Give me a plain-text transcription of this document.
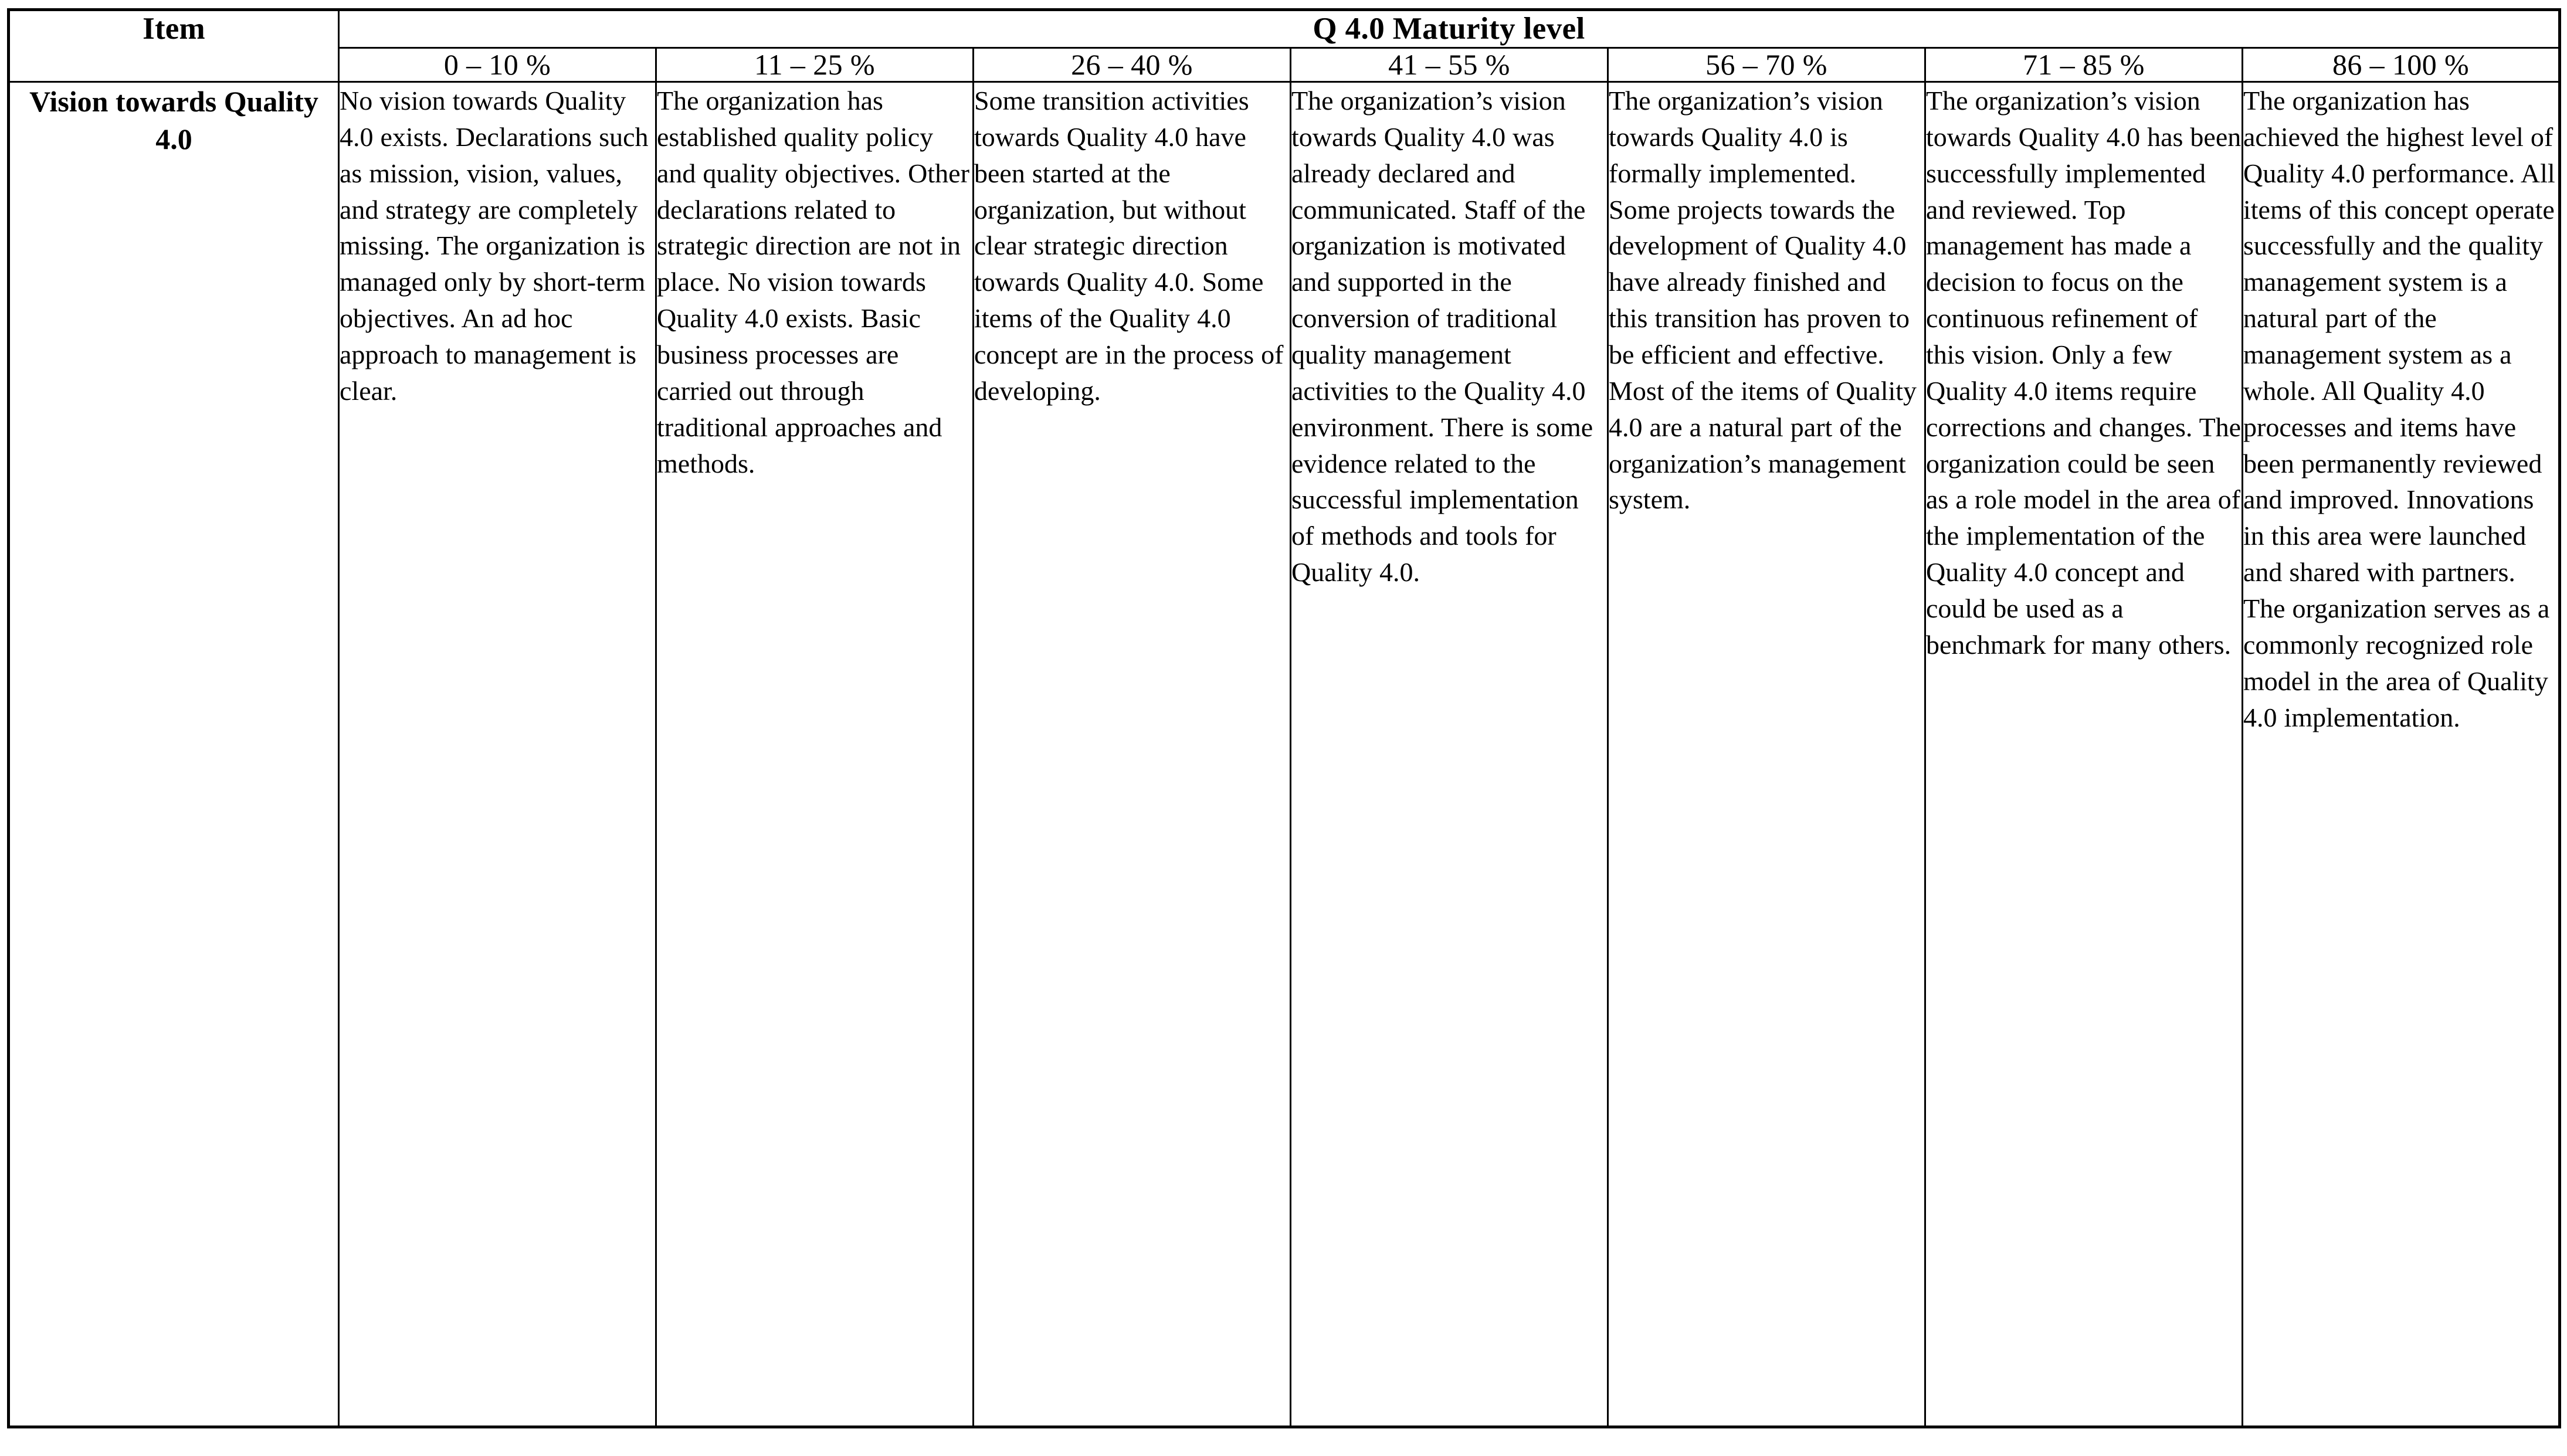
Item	Q 4.0 Maturity level						
	0 – 10 %	11 – 25 %	26 – 40 %	41 – 55 %	56 – 70 %	71 – 85 %	86 – 100 %
Vision towards Quality 4.0	No vision towards Quality 4.0 exists. Declarations such as mission, vision, values, and strategy are completely missing. The organization is managed only by short-term objectives. An ad hoc approach to management is clear.	The organization has established quality policy and quality objectives. Other declarations related to strategic direction are not in place. No vision towards Quality 4.0 exists. Basic business processes are carried out through traditional approaches and methods.	Some transition activities towards Quality 4.0 have been started at the organization, but without clear strategic direction towards Quality 4.0. Some items of the Quality 4.0 concept are in the process of developing.	The organization’s vision towards Quality 4.0 was already declared and communicated. Staff of the organization is motivated and supported in the conversion of traditional quality management activities to the Quality 4.0 environment. There is some evidence related to the successful implementation of methods and tools for Quality 4.0.	The organization’s vision towards Quality 4.0 is formally implemented. Some projects towards the development of Quality 4.0 have already finished and this transition has proven to be efficient and effective. Most of the items of Quality 4.0 are a natural part of the organization’s management system.	The organization’s vision towards Quality 4.0 has been successfully implemented and reviewed. Top management has made a decision to focus on the continuous refinement of this vision. Only a few Quality 4.0 items require corrections and changes. The organization could be seen as a role model in the area of the implementation of the Quality 4.0 concept and could be used as a benchmark for many others.	The organization has achieved the highest level of Quality 4.0 performance. All items of this concept operate successfully and the quality management system is a natural part of the management system as a whole. All Quality 4.0 processes and items have been permanently reviewed and improved. Innovations in this area were launched and shared with partners. The organization serves as a commonly recognized role model in the area of Quality 4.0 implementation.
